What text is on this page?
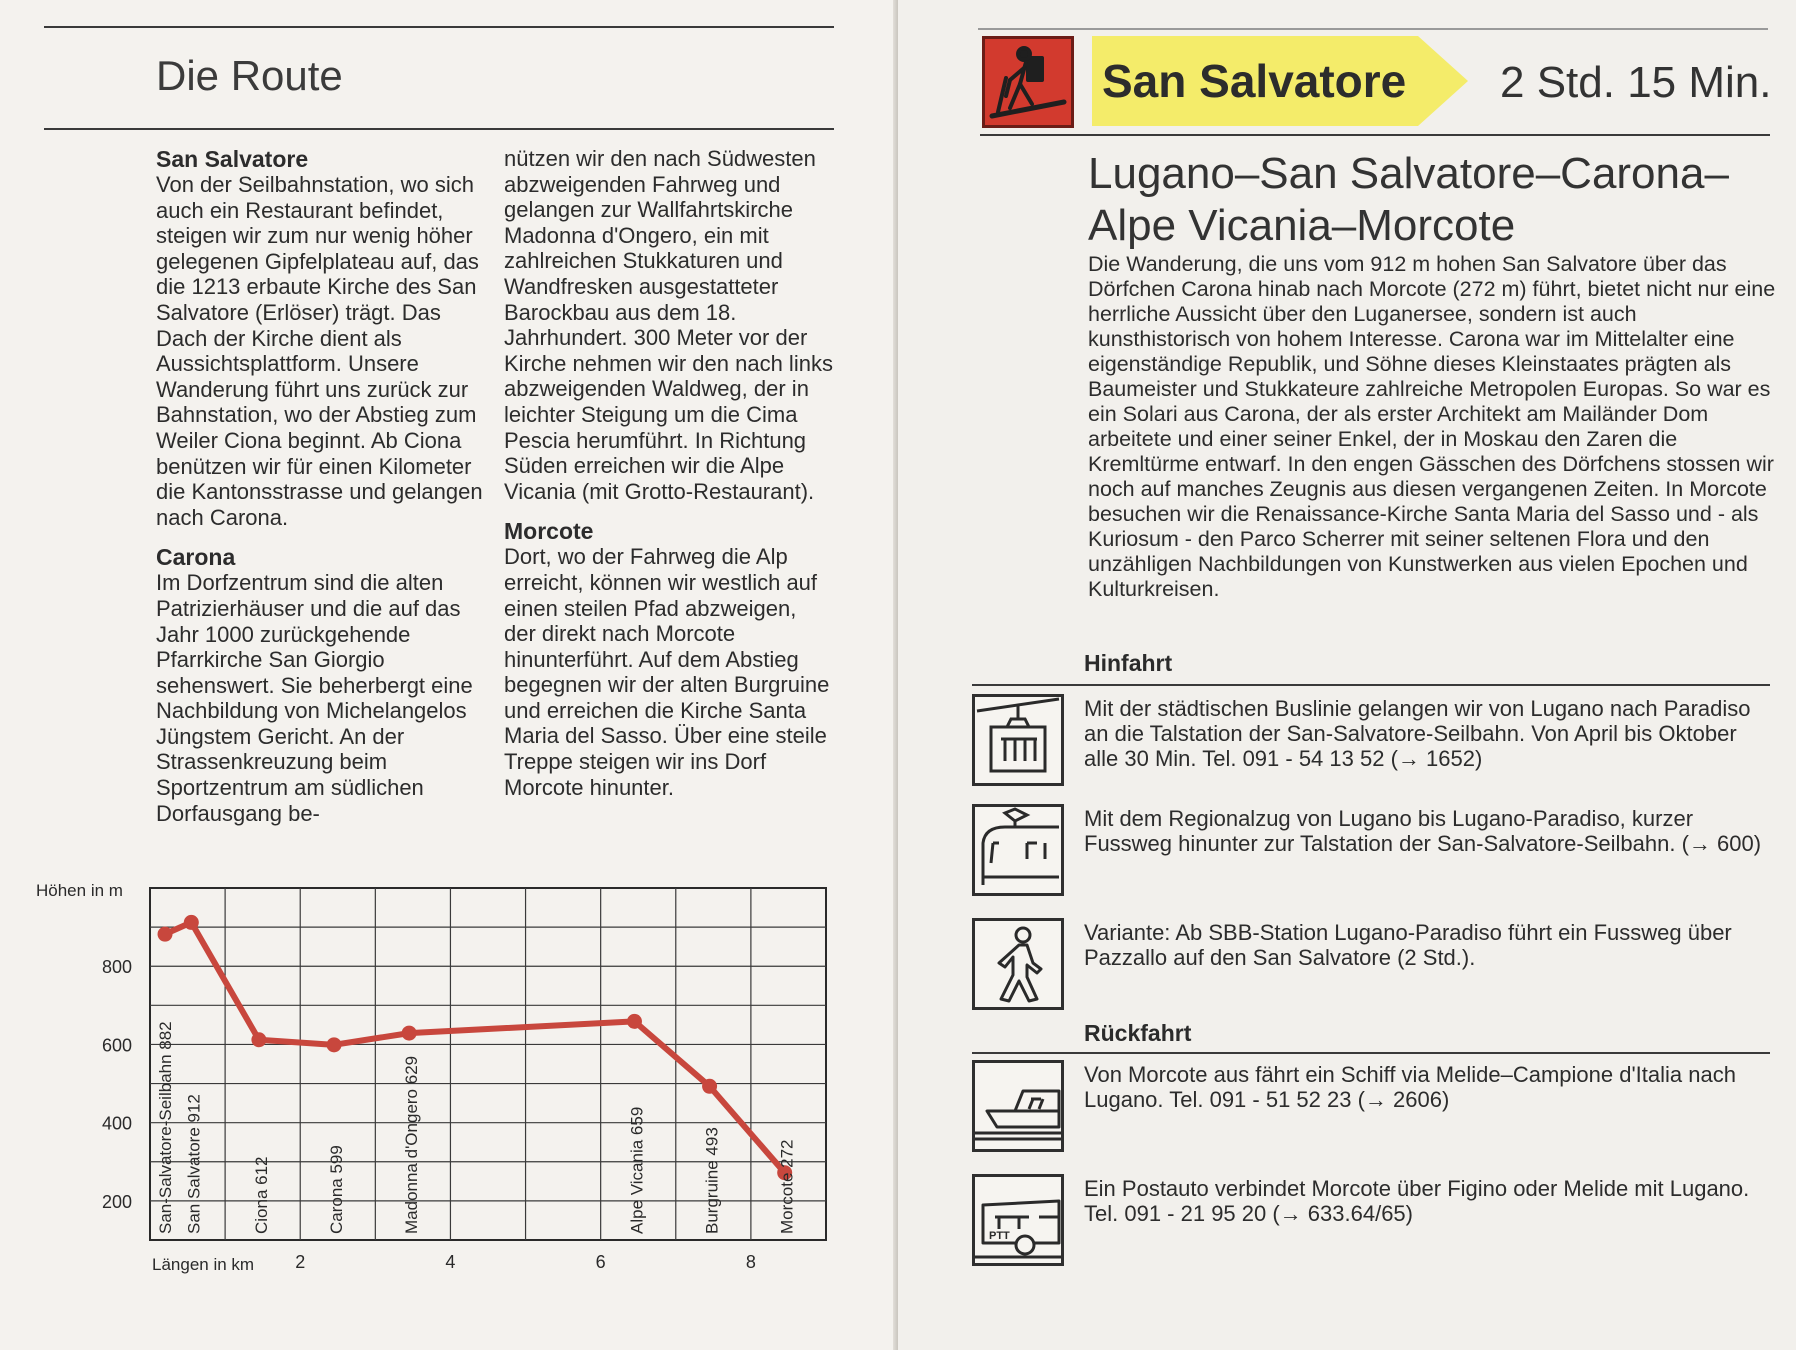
Die Route
San Salvatore

Von der Seilbahnstation, wo sich auch ein Restaurant befindet, steigen wir zum nur wenig höher gelegenen Gipfelplateau auf, das die 1213 erbaute Kirche des San Salvatore (Erlöser) trägt. Das Dach der Kirche dient als Aussichtsplattform. Unsere Wanderung führt uns zurück zur Bahnstation, wo der Abstieg zum Weiler Ciona beginnt. Ab Ciona benützen wir für einen Kilometer die Kantonsstrasse und gelangen nach Carona.

Carona

Im Dorfzentrum sind die alten Patrizierhäuser und die auf das Jahr 1000 zurückgehende Pfarrkirche San Giorgio sehenswert. Sie beherbergt eine Nachbildung von Michelangelos Jüngstem Gericht. An der Strassenkreuzung beim Sportzentrum am südlichen Dorfausgang be-

nützen wir den nach Südwesten abzweigenden Fahrweg und gelangen zur Wallfahrtskirche Madonna d'Ongero, ein mit zahlreichen Stukkaturen und Wandfresken ausgestatteter Barockbau aus dem 18. Jahrhundert. 300 Meter vor der Kirche nehmen wir den nach links abzweigenden Waldweg, der in leichter Steigung um die Cima Pescia herumführt. In Richtung Süden erreichen wir die Alpe Vicania (mit Grotto-Restaurant).

Morcote

Dort, wo der Fahrweg die Alp erreicht, können wir westlich auf einen steilen Pfad abzweigen, der direkt nach Morcote hinunterführt. Auf dem Abstieg begegnen wir der alten Burgruine und erreichen die Kirche Santa Maria del Sasso. Über eine steile Treppe steigen wir ins Dorf Morcote hinunter.

200
400
600
800
2	4	6	8
Höhen in m
Längen in km
San-Salvatore-Seilbahn 882 San Salvatore 912	Ciona 612	Carona 599	Madonna d'Ongero 629	Alpe Vicania 659	Burgruine 493	Morcote 272
San Salvatore 2 Std. 15 Min.
Lugano–San Salvatore–Carona–
Alpe Vicania–Morcote

Die Wanderung, die uns vom 912 m hohen San Salvatore über das Dörfchen Carona hinab nach Morcote (272 m) führt, bietet nicht nur eine herrliche Aussicht über den Luganersee, sondern ist auch kunsthistorisch von hohem Interesse. Carona war im Mittelalter eine eigenständige Republik, und Söhne dieses Kleinstaates prägten als Baumeister und Stukkateure zahlreiche Metropolen Europas. So war es ein Solari aus Carona, der als erster Architekt am Mailänder Dom arbeitete und einer seiner Enkel, der in Moskau den Zaren die Kremltürme entwarf. In den engen Gässchen des Dörfchens stossen wir noch auf manches Zeugnis aus diesen vergangenen Zeiten. In Morcote besuchen wir die Renaissance-Kirche Santa Maria del Sasso und - als Kuriosum - den Parco Scherrer mit seiner seltenen Flora und den unzähligen Nachbildungen von Kunstwerken aus vielen Epochen und Kulturkreisen.

Hinfahrt
Mit der städtischen Buslinie gelangen wir von Lugano nach Paradiso an die Talstation der San-Salvatore-Seilbahn. Von April bis Oktober alle 30 Min. Tel. 091 - 54 13 52 (→ 1652)
Mit dem Regionalzug von Lugano bis Lugano-Paradiso, kurzer Fussweg hinunter zur Talstation der San-Salvatore-Seilbahn. (→ 600)
Variante: Ab SBB-Station Lugano-Paradiso führt ein Fussweg über Pazzallo auf den San Salvatore (2 Std.).
Rückfahrt
Von Morcote aus fährt ein Schiff via Melide–Campione d'Italia nach Lugano. Tel. 091 - 51 52 23 (→ 2606)
PTT
Ein Postauto verbindet Morcote über Figino oder Melide mit Lugano. Tel. 091 - 21 95 20 (→ 633.64/65)
